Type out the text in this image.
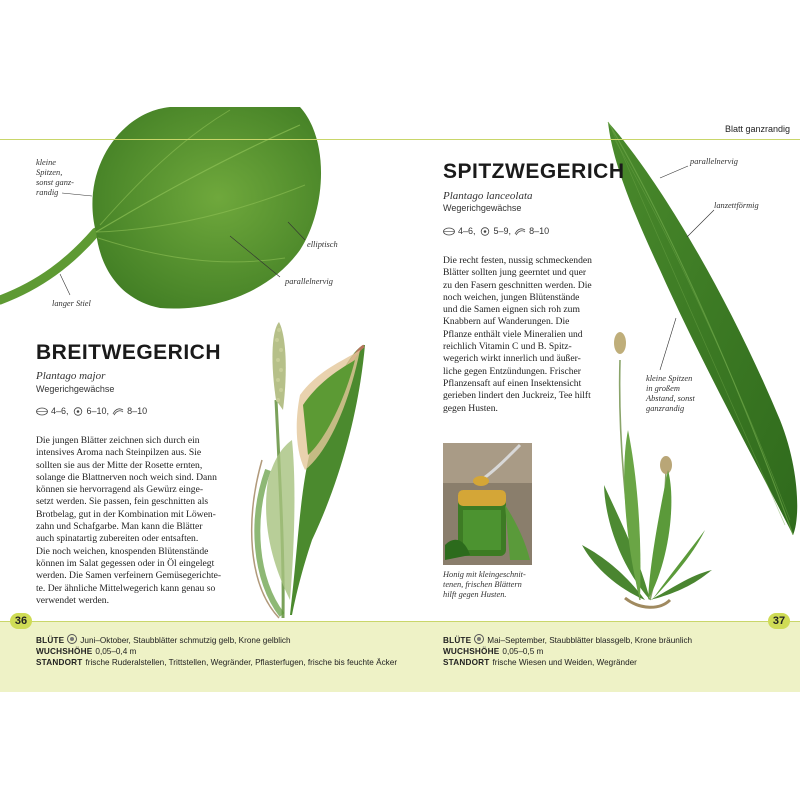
Blatt ganzrandig
kleine
Spitzen,
sonst ganz-
randig
elliptisch
parallelnervig
langer Stiel
BREITWEGERICH
Plantago major
Wegerichgewächse
4–6, 6–10, 8–10
Die jungen Blätter zeichnen sich durch ein
intensives Aroma nach Steinpilzen aus. Sie
sollten sie aus der Mitte der Rosette ernten,
solange die Blattnerven noch weich sind. Dann
können sie hervorragend als Gewürz einge-
setzt werden. Sie passen, fein geschnitten als
Brotbelag, gut in der Kombination mit Löwen-
zahn und Schafgarbe. Man kann die Blätter
auch spinatartig zubereiten oder entsaften.
Die noch weichen, knospenden Blütenstände
können im Salat gegessen oder in Öl eingelegt
werden. Die Samen verfeinern Gemüsegerichte-
te. Der ähnliche Mittelwegerich kann genau so
verwendet werden.
SPITZWEGERICH
Plantago lanceolata
Wegerichgewächse
4–6, 5–9, 8–10
Die recht festen, nussig schmeckenden
Blätter sollten jung geerntet und quer
zu den Fasern geschnitten werden. Die
noch weichen, jungen Blütenstände
und die Samen eignen sich roh zum
Knabbern auf Wanderungen. Die
Pflanze enthält viele Mineralien und
reichlich Vitamin C und B. Spitz-
wegerich wirkt innerlich und äußer-
liche gegen Entzündungen. Frischer
Pflanzensaft auf einen Insektensicht
gerieben lindert den Juckreiz, Tee hilft
gegen Husten.
Honig mit kleingeschnit-
tenen, frischen Blättern
hilft gegen Husten.
parallelnervig
lanzettförmig
kleine Spitzen
in großem
Abstand, sonst
ganzrandig
36	37
BLÜTE Juni–Oktober, Staubblätter schmutzig gelb, Krone gelblich
WUCHSHÖHE 0,05–0,4 m
STANDORT frische Ruderalstellen, Trittstellen, Wegränder, Pflasterfugen, frische bis feuchte Äcker
BLÜTE Mai–September, Staubblätter blassgelb, Krone bräunlich
WUCHSHÖHE 0,05–0,5 m
STANDORT frische Wiesen und Weiden, Wegränder
